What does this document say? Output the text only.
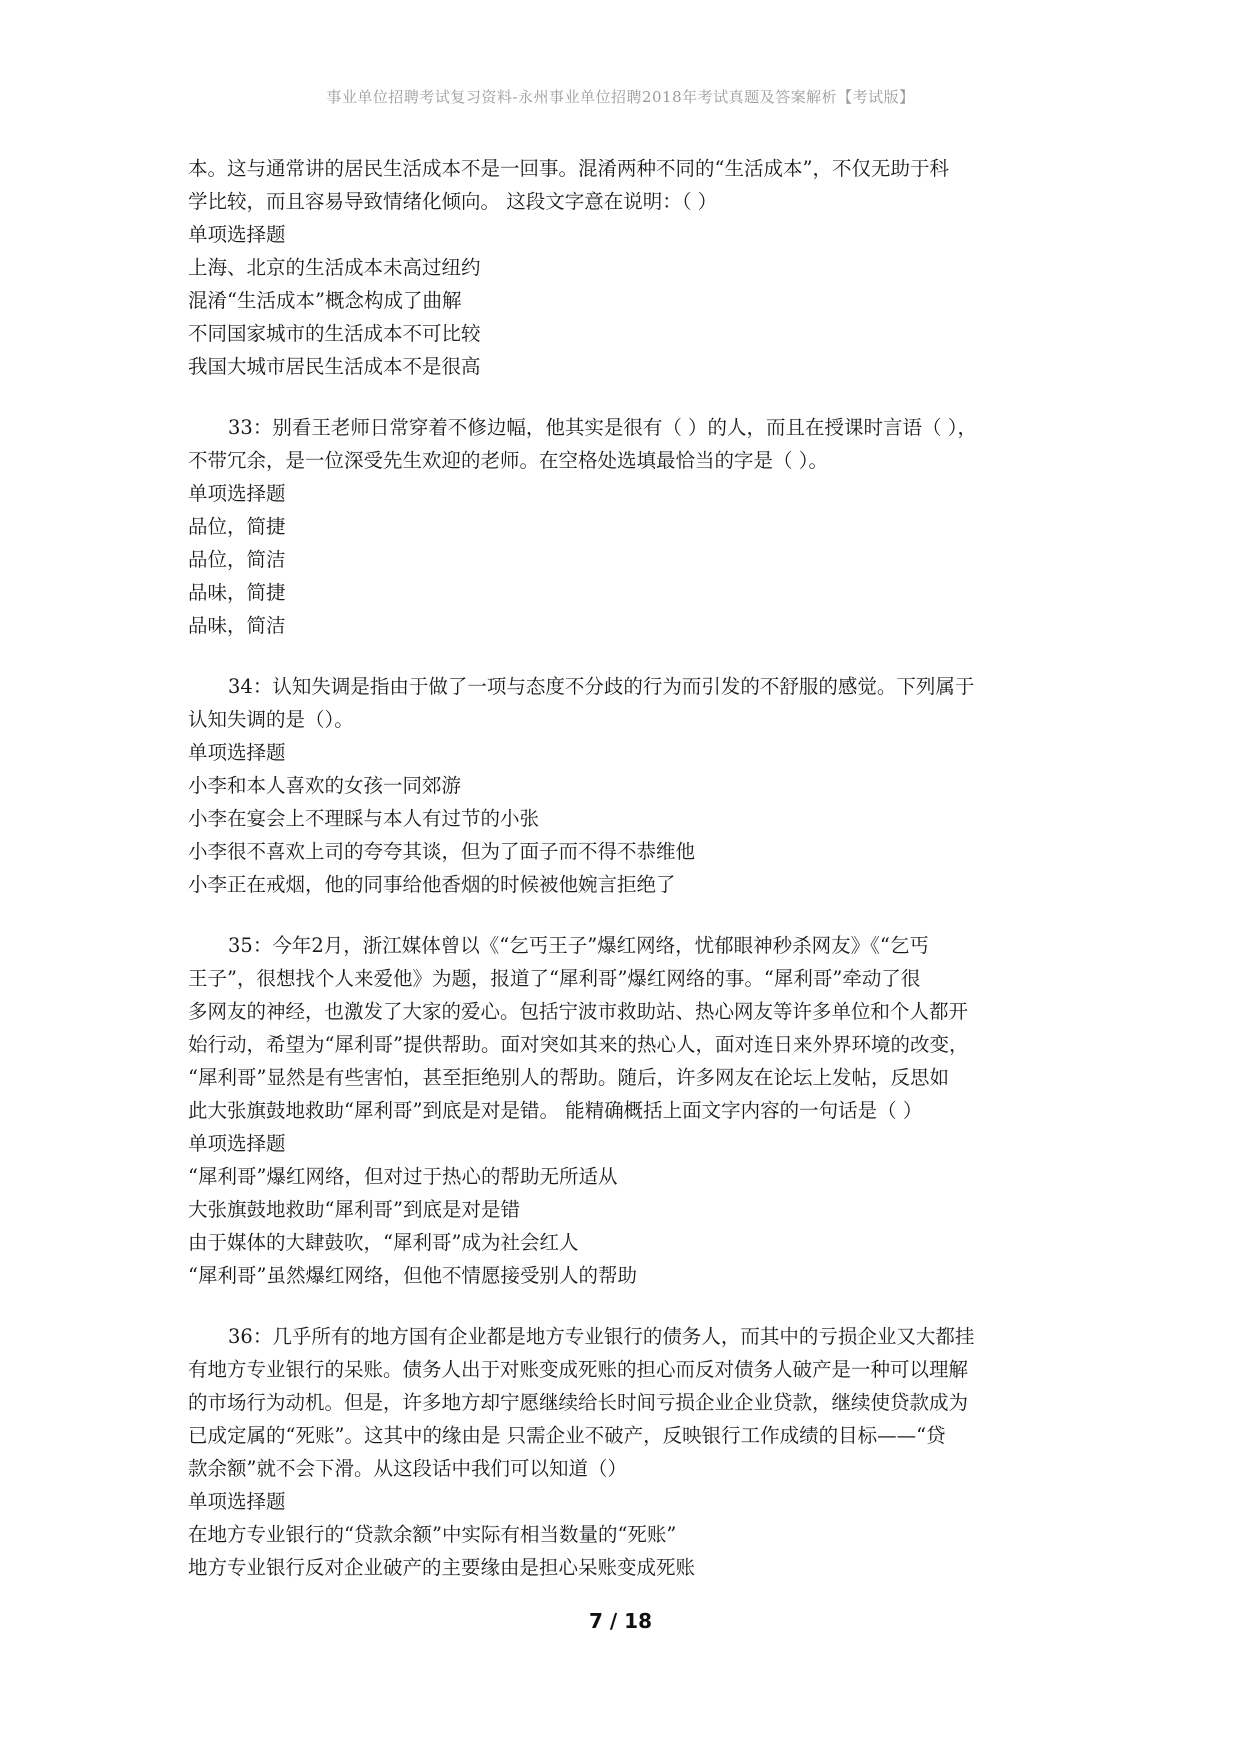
事业单位招聘考试复习资料-永州事业单位招聘2018年考试真题及答案解析【考试版】
本。这与通常讲的居民生活成本不是一回事。混淆两种不同的“生活成本”，不仅无助于科
学比较，而且容易导致情绪化倾向。 这段文字意在说明：（ ）
单项选择题
上海、北京的生活成本未高过纽约
混淆“生活成本”概念构成了曲解
不同国家城市的生活成本不可比较
我国大城市居民生活成本不是很高
33：别看王老师日常穿着不修边幅，他其实是很有（ ）的人，而且在授课时言语（ ），
不带冗余，是一位深受先生欢迎的老师。在空格处选填最恰当的字是（ ）。
单项选择题
品位，简捷
品位，简洁
品味，简捷
品味，简洁
34：认知失调是指由于做了一项与态度不分歧的行为而引发的不舒服的感觉。下列属于
认知失调的是（）。
单项选择题
小李和本人喜欢的女孩一同郊游
小李在宴会上不理睬与本人有过节的小张
小李很不喜欢上司的夸夸其谈，但为了面子而不得不恭维他
小李正在戒烟，他的同事给他香烟的时候被他婉言拒绝了
35：今年2月，浙江媒体曾以《“乞丐王子”爆红网络，忧郁眼神秒杀网友》《“乞丐
王子”，很想找个人来爱他》为题，报道了“犀利哥”爆红网络的事。“犀利哥”牵动了很
多网友的神经，也激发了大家的爱心。包括宁波市救助站、热心网友等许多单位和个人都开
始行动，希望为“犀利哥”提供帮助。面对突如其来的热心人，面对连日来外界环境的改变，
“犀利哥”显然是有些害怕，甚至拒绝别人的帮助。随后，许多网友在论坛上发帖，反思如
此大张旗鼓地救助“犀利哥”到底是对是错。 能精确概括上面文字内容的一句话是（ ）
单项选择题
“犀利哥”爆红网络，但对过于热心的帮助无所适从
大张旗鼓地救助“犀利哥”到底是对是错
由于媒体的大肆鼓吹，“犀利哥”成为社会红人
“犀利哥”虽然爆红网络，但他不情愿接受别人的帮助
36：几乎所有的地方国有企业都是地方专业银行的债务人，而其中的亏损企业又大都挂
有地方专业银行的呆账。债务人出于对账变成死账的担心而反对债务人破产是一种可以理解
的市场行为动机。但是，许多地方却宁愿继续给长时间亏损企业企业贷款，继续使贷款成为
已成定属的“死账”。这其中的缘由是 只需企业不破产，反映银行工作成绩的目标——“贷
款余额”就不会下滑。从这段话中我们可以知道（）
单项选择题
在地方专业银行的“贷款余额”中实际有相当数量的“死账”
地方专业银行反对企业破产的主要缘由是担心呆账变成死账
7 / 18
